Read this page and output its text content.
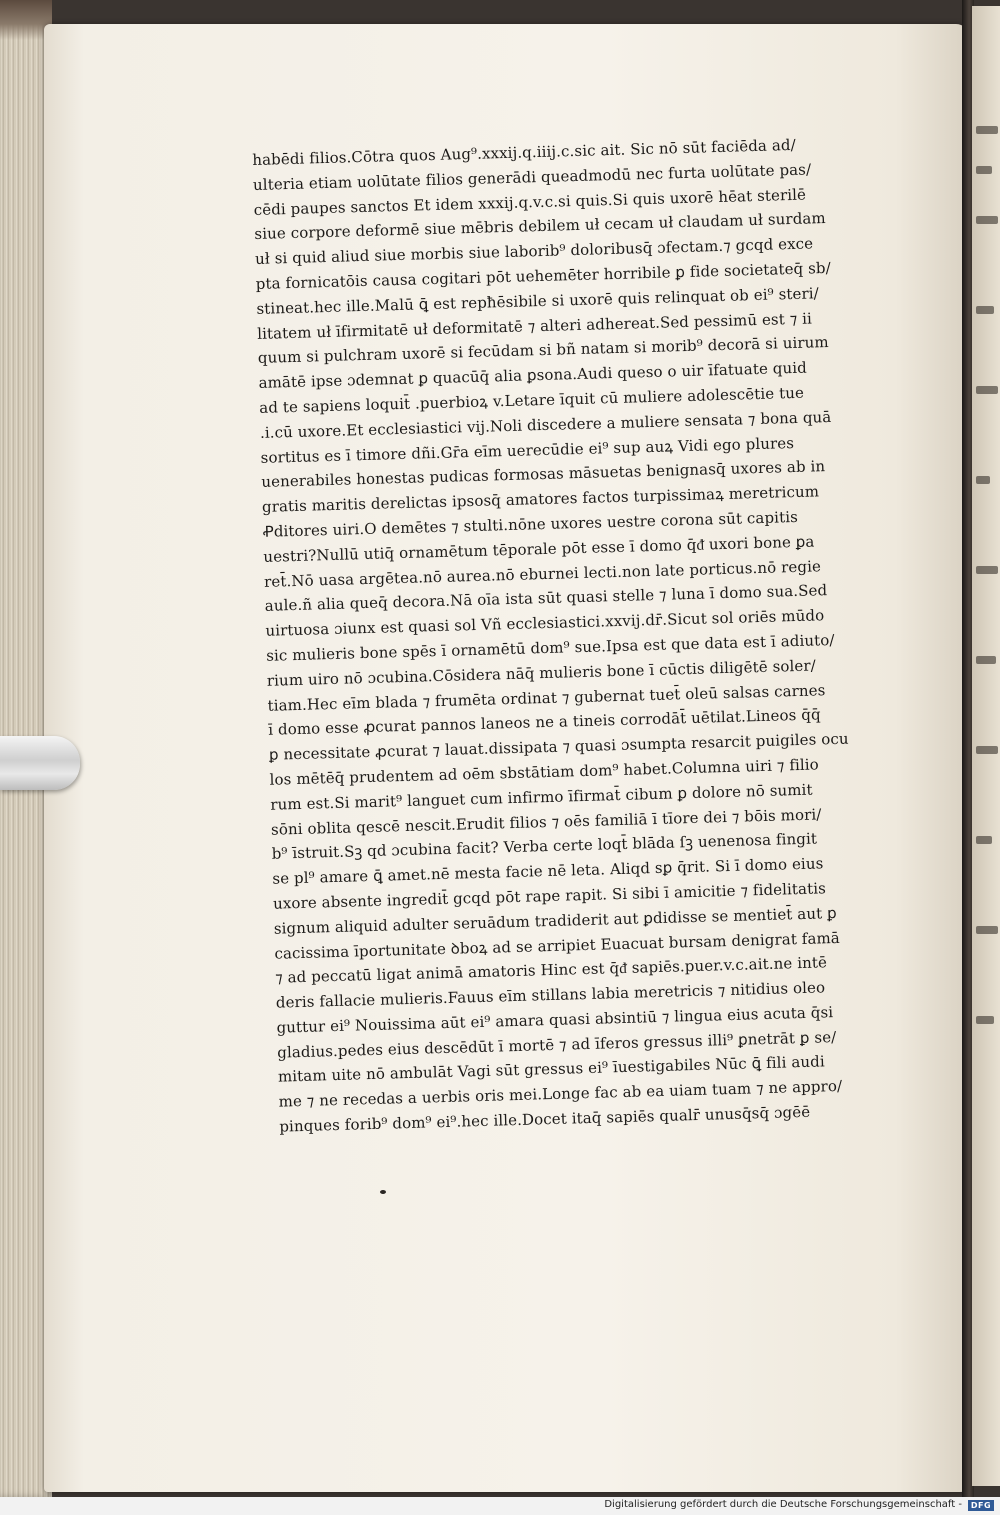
habēdi filios.Cōtra quos Aug⁹.xxxij.q.iiij.c.sic ait. Sic nō sūt faciēda ad/
ulteria etiam uolūtate filios generādi queadmodū nec furta uolūtate pas/
cēdi paupes sanctos Et idem xxxij.q.v.c.si quis.Si quis uxorē hēat sterilē
siue corpore deformē siue mēbris debilem uł cecam uł claudam uł surdam
uł si quid aliud siue morbis siue laborib⁹ doloribusq̄ ɔfectam.⁊ gcqd exce
pta fornicatōis causa cogitari pōt uehemēter horribile ꝑ fide societateq̄ sb/
stineat.hec ille.Malū ꝗ̄ est repħēsibile si uxorē quis relinquat ob ei⁹ steri/
litatem uł īfirmitatē uł deformitatē ⁊ alteri adhereat.Sed pessimū est ⁊ ii
quum si pulchram uxorē si fecūdam si bñ natam si morib⁹ decorā si uirum
amātē ipse ɔdemnat ꝑ quacūq̄ alia ꝑsona.Audi queso o uir īfatuate quid
ad te sapiens loquit̄ .puerbioꝝ v.Letare īquit cū muliere adolescētie tue
.i.cū uxore.Et ecclesiastici vij.Noli discedere a muliere sensata ⁊ bona quā
sortitus es ī timore dñi.Gr̄a eīm uerecūdie ei⁹ sup auꝝ Vidi ego plures
uenerabiles honestas pudicas formosas māsuetas benignasq̄ uxores ab in
gratis maritis derelictas ipsosq̄ amatores factos turpissimaꝝ meretricum
Ꝓditores uiri.O demētes ⁊ stulti.nōne uxores uestre corona sūt capitis
uestri?Nullū utiq̄ ornamētum tēporale pōt esse ī domo q̄ᵭ uxori bone ꝑa
ret̄.Nō uasa argētea.nō aurea.nō eburnei lecti.non late porticus.nō regie
aule.ñ alia queq̄ decora.Nā oīa ista sūt quasi stelle ⁊ luna ī domo sua.Sed
uirtuosa ɔiunx est quasi sol Vñ ecclesiastici.xxvij.dr̄.Sicut sol oriēs mūdo
sic mulieris bone spēs ī ornamētū dom⁹ sue.Ipsa est que data est ī adiuto/
rium uiro nō ɔcubina.Cōsidera nāq̄ mulieris bone ī cūctis diligētē soler/
tiam.Hec eīm blada ⁊ frumēta ordinat ⁊ gubernat tuet̄ oleū salsas carnes
ī domo esse ꝓcurat pannos laneos ne a tineis corrodāt̄ uētilat.Lineos q̄q̄
ꝑ necessitate ꝓcurat ⁊ lauat.dissipata ⁊ quasi ɔsumpta resarcit puigiles ocu
los mētēq̄ prudentem ad oēm sbstātiam dom⁹ habet.Columna uiri ⁊ filio
rum est.Si marit⁹ languet cum infirmo īfirmat̄ cibum ꝑ dolore nō sumit
sōni oblita qescē nescit.Erudit filios ⁊ oēs familiā ī tīore dei ⁊ bōis mori/
b⁹ īstruit.Sꝫ qd ɔcubina facit? Verba certe loqt̄ blāda ſꝫ uenenosa fingit
se pl⁹ amare ꝗ̄ amet.nē mesta facie nē leta. Aliqd sꝑ q̄rit. Si ī domo eius
uxore absente ingredit̄ gcqd pōt rape rapit. Si sibi ī amicitie ⁊ fidelitatis
signum aliquid adulter seruādum tradiderit aut ꝑdidisse se mentiet̄ aut ꝑ
cacissima īportunitate ꝺboꝝ ad se arripiet Euacuat bursam denigrat famā
⁊ ad peccatū ligat animā amatoris Hinc est q̄ᵭ sapiēs.puer.v.c.ait.ne intē
deris fallacie mulieris.Fauus eīm stillans labia meretricis ⁊ nitidius oleo
guttur ei⁹ Nouissima aūt ei⁹ amara quasi absintiū ⁊ lingua eius acuta q̄si
gladius.pedes eius descēdūt ī mortē ⁊ ad īferos gressus illi⁹ ꝑnetrāt ꝑ se/
mitam uite nō ambulāt Vagi sūt gressus ei⁹ īuestigabiles Nūc ꝗ̄ fili audi
me ⁊ ne recedas a uerbis oris mei.Longe fac ab ea uiam tuam ⁊ ne appro/
pinques forib⁹ dom⁹ ei⁹.hec ille.Docet itaq̄ sapiēs qualr̄ unusq̄sq̄ ɔgēē
Digitalisierung gefördert durch die Deutsche Forschungsgemeinschaft -	DFG
